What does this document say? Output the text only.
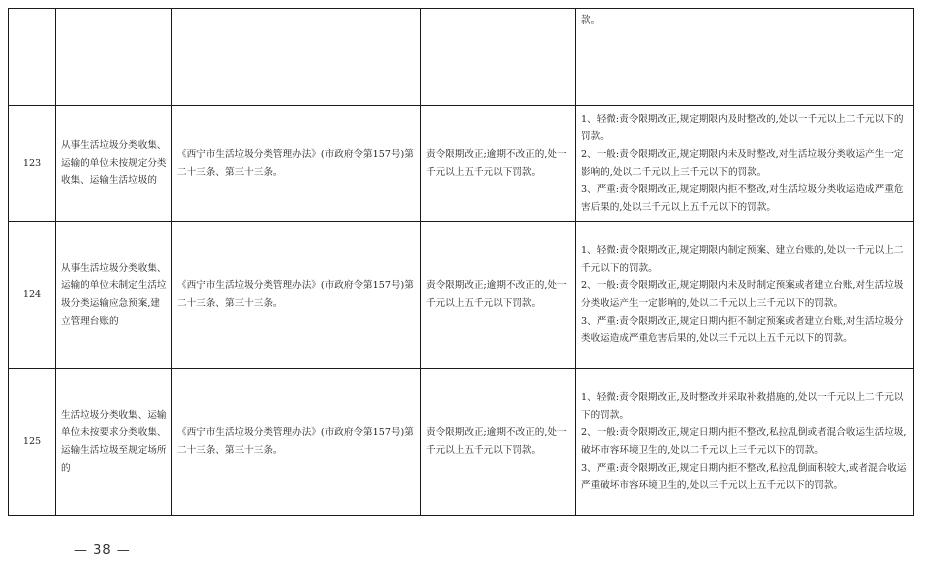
				款。

123	从事生活垃圾分类收集、运输的单位未按规定分类收集、运输生活垃圾的	《西宁市生活垃圾分类管理办法》(市政府令第157号)第二十三条、第三十三条。	责令限期改正;逾期不改正的,处一千元以上五千元以下罚款。	1、轻微:责令限期改正,规定期限内及时整改的,处以一千元以上二千元以下的罚款。
2、一般:责令限期改正,规定期限内未及时整改,对生活垃圾分类收运产生一定影响的,处以二千元以上三千元以下的罚款。
3、严重:责令限期改正,规定期限内拒不整改,对生活垃圾分类收运造成严重危害后果的,处以三千元以上五千元以下的罚款。

124	从事生活垃圾分类收集、运输的单位未制定生活垃圾分类运输应急预案,建立管理台账的	《西宁市生活垃圾分类管理办法》(市政府令第157号)第二十三条、第三十三条。	责令限期改正;逾期不改正的,处一千元以上五千元以下罚款。	1、轻微:责令限期改正,规定期限内制定预案、建立台账的,处以一千元以上二千元以下的罚款。
2、一般:责令限期改正,规定期限内未及时制定预案或者建立台账,对生活垃圾分类收运产生一定影响的,处以二千元以上三千元以下的罚款。
3、严重:责令限期改正,规定日期内拒不制定预案或者建立台账,对生活垃圾分类收运造成严重危害后果的,处以三千元以上五千元以下的罚款。

125	生活垃圾分类收集、运输单位未按要求分类收集、运输生活垃圾至规定场所的	《西宁市生活垃圾分类管理办法》(市政府令第157号)第二十三条、第三十三条。	责令限期改正;逾期不改正的,处一千元以上五千元以下罚款。	1、轻微:责令限期改正,及时整改并采取补救措施的,处以一千元以上二千元以下的罚款。
2、一般:责令限期改正,规定日期内拒不整改,私拉乱倒或者混合收运生活垃圾,破坏市容环境卫生的,处以二千元以上三千元以下的罚款。
3、严重:责令限期改正,规定日期内拒不整改,私拉乱倒面积较大,或者混合收运严重破坏市容环境卫生的,处以三千元以上五千元以下的罚款。
— 38 —
